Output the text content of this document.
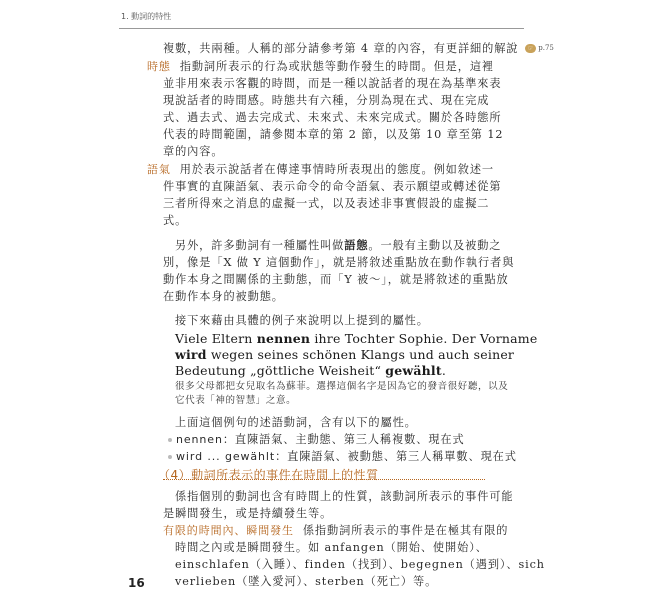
1. 動詞的特性
複數，共兩種。人稱的部分請參考第 4 章的內容，有更詳細的解說 ☞ p.75
時態 指動詞所表示的行為或狀態等動作發生的時間。但是，這裡
並非用來表示客觀的時間，而是一種以說話者的現在為基準來表
現說話者的時間感。時態共有六種，分別為現在式、現在完成
式、過去式、過去完成式、未來式、未來完成式。關於各時態所
代表的時間範圍，請參閱本章的第 2 節，以及第 10 章至第 12
章的內容。
語氣 用於表示說話者在傳達事情時所表現出的態度。例如敘述一
件事實的直陳語氣、表示命令的命令語氣、表示願望或轉述從第
三者所得來之消息的虛擬一式，以及表述非事實假設的虛擬二
式。
另外，許多動詞有一種屬性叫做語態。一般有主動以及被動之
別，像是「X 做 Y 這個動作」，就是將敘述重點放在動作執行者與
動作本身之間關係的主動態，而「Y 被～」，就是將敘述的重點放
在動作本身的被動態。
接下來藉由具體的例子來說明以上提到的屬性。
Viele Eltern nennen ihre Tochter Sophie. Der Vorname
wird wegen seines schönen Klangs und auch seiner
Bedeutung „göttliche Weisheit“ gewählt.
很多父母都把女兒取名為蘇菲。選擇這個名字是因為它的發音很好聽，以及
它代表「神的智慧」之意。
上面這個例句的述語動詞，含有以下的屬性。
nennen：直陳語氣、主動態、第三人稱複數、現在式
wird ... gewählt：直陳語氣、被動態、第三人稱單數、現在式
（4）動詞所表示的事件在時間上的性質
係指個別的動詞也含有時間上的性質，該動詞所表示的事件可能
是瞬間發生，或是持續發生等。
有限的時間內、瞬間發生 係指動詞所表示的事件是在極其有限的
時間之內或是瞬間發生。如 anfangen（開始、使開始）、
einschlafen（入睡）、finden（找到）、begegnen（遇到）、sich
verlieben（墜入愛河）、sterben（死亡）等。
16
